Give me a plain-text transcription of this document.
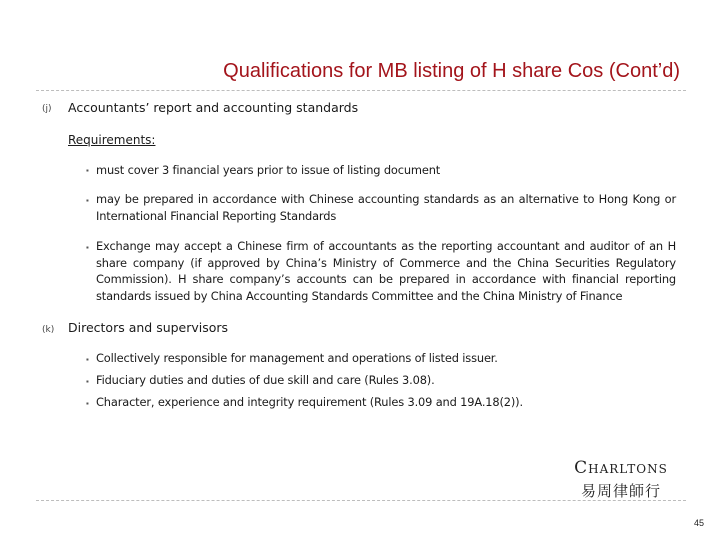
Qualifications for MB listing of H share Cos (Cont’d)
(j) Accountants’ report and accounting standards
Requirements:
▪ must cover 3 financial years prior to issue of listing document
▪ may be prepared in accordance with Chinese accounting standards as an alternative to Hong Kong or International Financial Reporting Standards
▪ Exchange may accept a Chinese firm of accountants as the reporting accountant and auditor of an H share company (if approved by China’s Ministry of Commerce and the China Securities Regulatory Commission). H share company’s accounts can be prepared in accordance with financial reporting standards issued by China Accounting Standards Committee and the China Ministry of Finance
(k) Directors and supervisors
▪ Collectively responsible for management and operations of listed issuer.
▪ Fiduciary duties and duties of due skill and care (Rules 3.08).
▪ Character, experience and integrity requirement (Rules 3.09 and 19A.18(2)).
Charltons
易周律師行
45
